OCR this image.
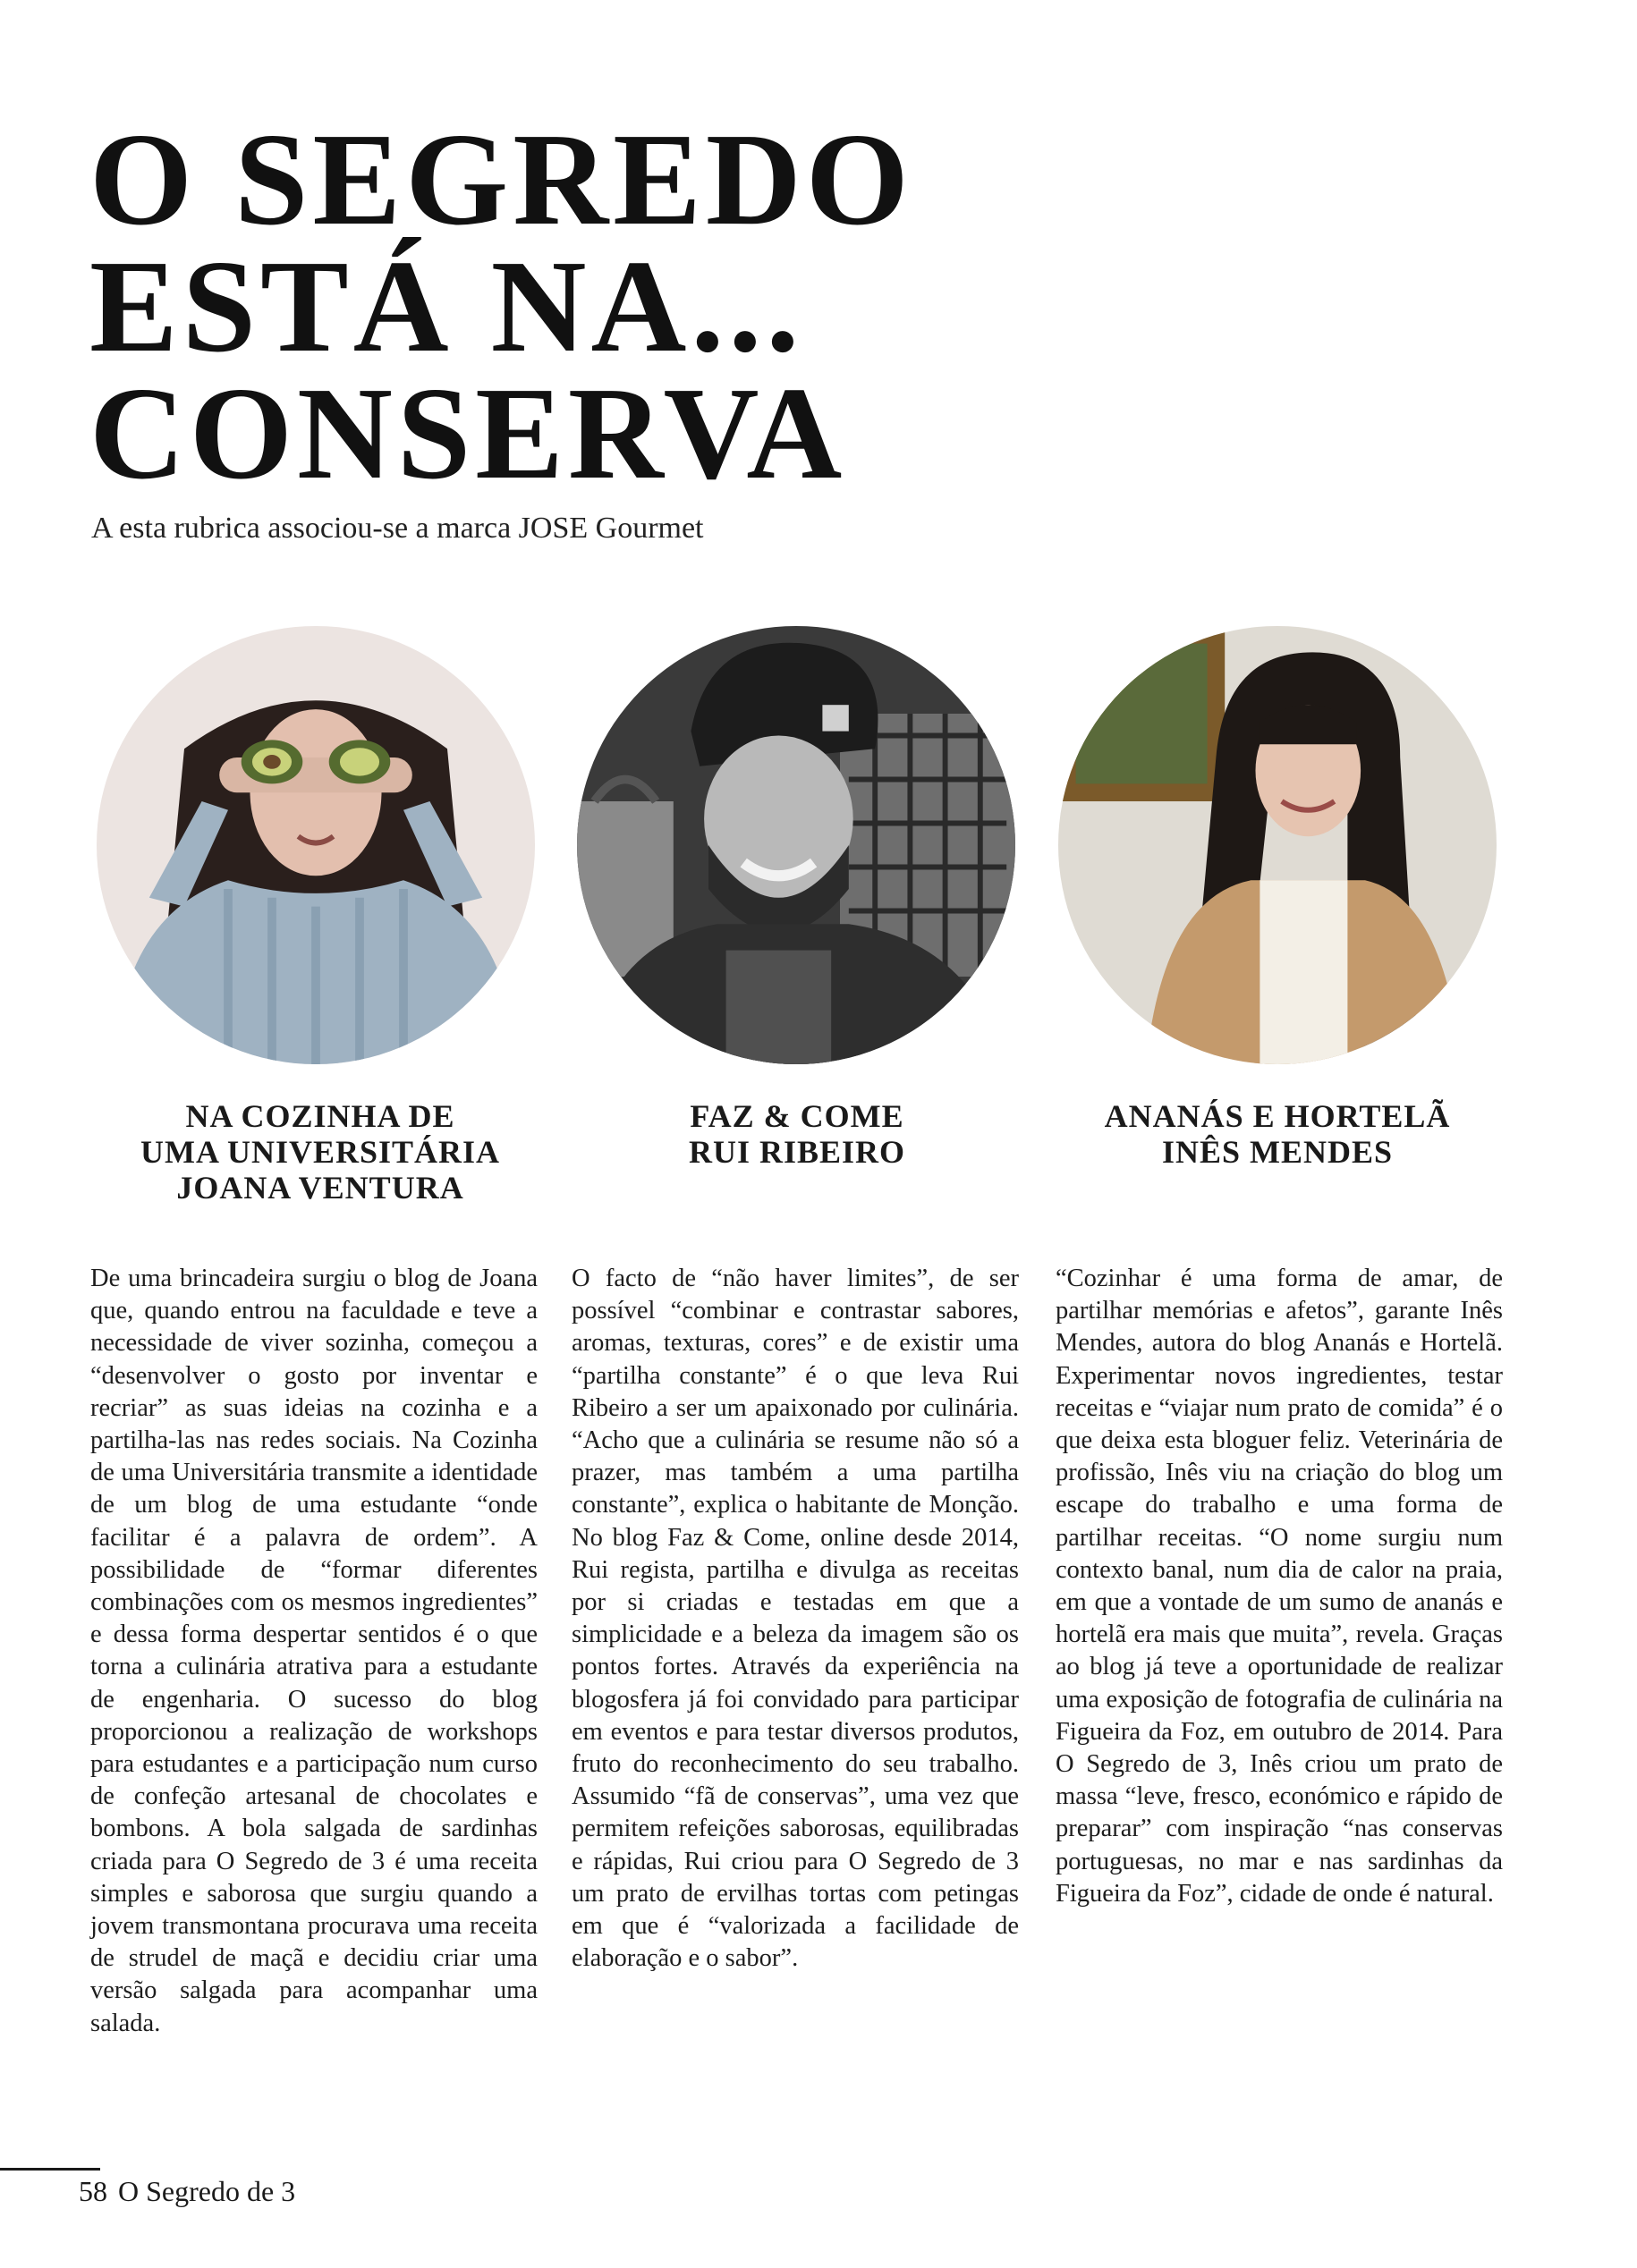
O SEGREDO
ESTÁ NA...
CONSERVA
A esta rubrica associou-se a marca JOSE Gourmet
NA COZINHA DE
UMA UNIVERSITÁRIA
JOANA VENTURA
FAZ & COME
RUI RIBEIRO
ANANÁS E HORTELÃ
INÊS MENDES
De uma brincadeira surgiu o blog de Joana que, quando entrou na faculdade e teve a necessidade de viver sozinha, começou a “desenvolver o gosto por inventar e recriar” as suas ideias na cozinha e a partilha-las nas redes sociais. Na Cozinha de uma Universitária transmite a identidade de um blog de uma estudante “onde facilitar é a palavra de ordem”. A possibilidade de “formar diferentes combinações com os mesmos ingredientes” e dessa forma despertar sentidos é o que torna a culinária atrativa para a estudante de engenharia. O sucesso do blog proporcionou a realização de workshops para estudantes e a participação num curso de confeção artesanal de chocolates e bombons. A bola salgada de sardinhas criada para O Segredo de 3 é uma receita simples e saborosa que surgiu quando a jovem transmontana procurava uma receita de strudel de maçã e decidiu criar uma versão salgada para acompanhar uma salada.
O facto de “não haver limites”, de ser possível “combinar e contrastar sabores, aromas, texturas, cores” e de existir uma “partilha constante” é o que leva Rui Ribeiro a ser um apaixonado por culinária. “Acho que a culinária se resume não só a prazer, mas também a uma partilha constante”, explica o habitante de Monção. No blog Faz & Come, online desde 2014, Rui regista, partilha e divulga as receitas por si criadas e testadas em que a simplicidade e a beleza da imagem são os pontos fortes. Através da experiência na blogosfera já foi convidado para participar em eventos e para testar diversos produtos, fruto do reconhecimento do seu trabalho. Assumido “fã de conservas”, uma vez que permitem refeições saborosas, equilibradas e rápidas, Rui criou para O Segredo de 3 um prato de ervilhas tortas com petingas em que é “valorizada a facilidade de elaboração e o sabor”.
“Cozinhar é uma forma de amar, de partilhar memórias e afetos”, garante Inês Mendes, autora do blog Ananás e Hortelã. Experimentar novos ingredientes, testar receitas e “viajar num prato de comida” é o que deixa esta bloguer feliz. Veterinária de profissão, Inês viu na criação do blog um escape do trabalho e uma forma de partilhar receitas. “O nome surgiu num contexto banal, num dia de calor na praia, em que a vontade de um sumo de ananás e hortelã era mais que muita”, revela. Graças ao blog já teve a oportunidade de realizar uma exposição de fotografia de culinária na Figueira da Foz, em outubro de 2014. Para O Segredo de 3, Inês criou um prato de massa “leve, fresco, económico e rápido de preparar” com inspiração “nas conservas portuguesas, no mar e nas sardinhas da Figueira da Foz”, cidade de onde é natural.
58 O Segredo de 3
